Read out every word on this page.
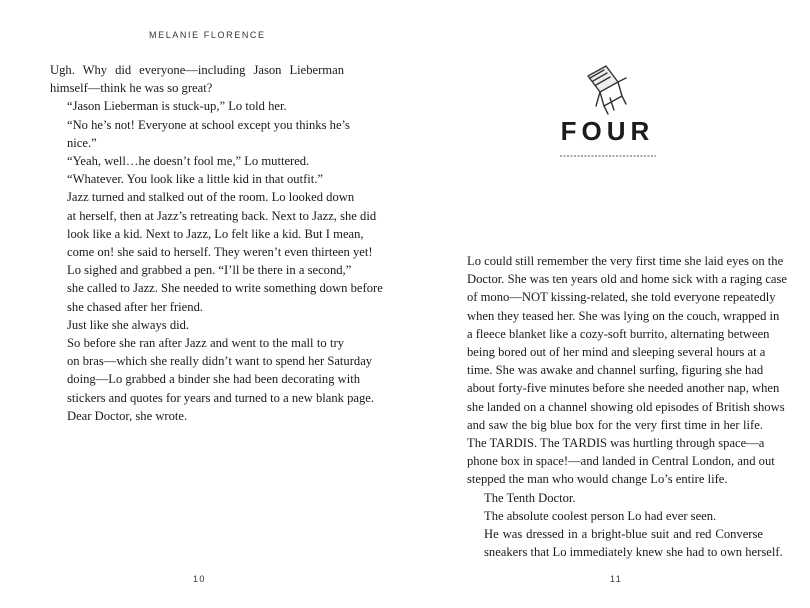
MELANIE FLORENCE

Ugh. Why did everyone—including Jason Lieberman
himself—think he was so great?

“Jason Lieberman is stuck-up,” Lo told her.

“No he’s not! Everyone at school except you thinks he’s
nice.”

“Yeah, well…he doesn’t fool me,” Lo muttered.

“Whatever. You look like a little kid in that outfit.”

Jazz turned and stalked out of the room. Lo looked down
at herself, then at Jazz’s retreating back. Next to Jazz, she did
look like a kid. Next to Jazz, Lo felt like a kid. But I mean,
come on! she said to herself. They weren’t even thirteen yet!

Lo sighed and grabbed a pen. “I’ll be there in a second,”
she called to Jazz. She needed to write something down before
she chased after her friend.

Just like she always did.

So before she ran after Jazz and went to the mall to try
on bras—which she really didn’t want to spend her Saturday
doing—Lo grabbed a binder she had been decorating with
stickers and quotes for years and turned to a new blank page.

Dear Doctor, she wrote.

10
FOUR

Lo could still remember the very first time she laid eyes on the
Doctor. She was ten years old and home sick with a raging case
of mono—NOT kissing-related, she told everyone repeatedly
when they teased her. She was lying on the couch, wrapped in
a fleece blanket like a cozy-soft burrito, alternating between
being bored out of her mind and sleeping several hours at a
time. She was awake and channel surfing, figuring she had
about forty-five minutes before she needed another nap, when
she landed on a channel showing old episodes of British shows
and saw the big blue box for the very first time in her life.
The TARDIS. The TARDIS was hurtling through space—a
phone box in space!—and landed in Central London, and out
stepped the man who would change Lo’s entire life.

The Tenth Doctor.

The absolute coolest person Lo had ever seen.

He was dressed in a bright-blue suit and red Converse
sneakers that Lo immediately knew she had to own herself.

11
